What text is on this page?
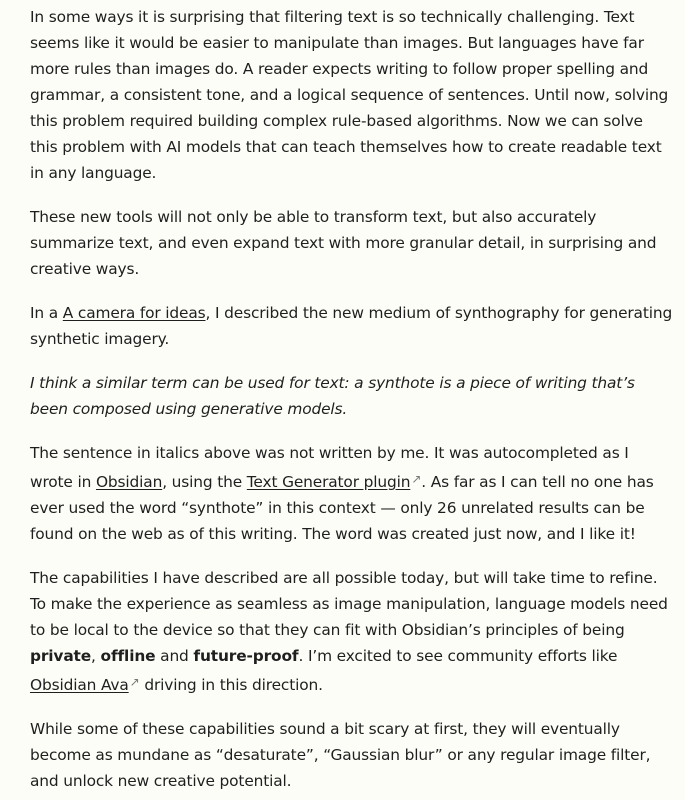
In some ways it is surprising that filtering text is so technically challenging. Text seems like it would be easier to manipulate than images. But languages have far more rules than images do. A reader expects writing to follow proper spelling and grammar, a consistent tone, and a logical sequence of sentences. Until now, solving this problem required building complex rule-based algorithms. Now we can solve this problem with AI models that can teach themselves how to create readable text in any language.

These new tools will not only be able to transform text, but also accurately summarize text, and even expand text with more granular detail, in surprising and creative ways.

In a A camera for ideas, I described the new medium of synthography for generating synthetic imagery.

I think a similar term can be used for text: a synthote is a piece of writing that’s been composed using generative models.

The sentence in italics above was not written by me. It was autocompleted as I wrote in Obsidian, using the Text Generator plugin↗. As far as I can tell no one has ever used the word “synthote” in this context — only 26 unrelated results can be found on the web as of this writing. The word was created just now, and I like it!

The capabilities I have described are all possible today, but will take time to refine. To make the experience as seamless as image manipulation, language models need to be local to the device so that they can fit with Obsidian’s principles of being private, offline and future-proof. I’m excited to see community efforts like Obsidian Ava↗ driving in this direction.

While some of these capabilities sound a bit scary at first, they will eventually become as mundane as “desaturate”, “Gaussian blur” or any regular image filter, and unlock new creative potential.
